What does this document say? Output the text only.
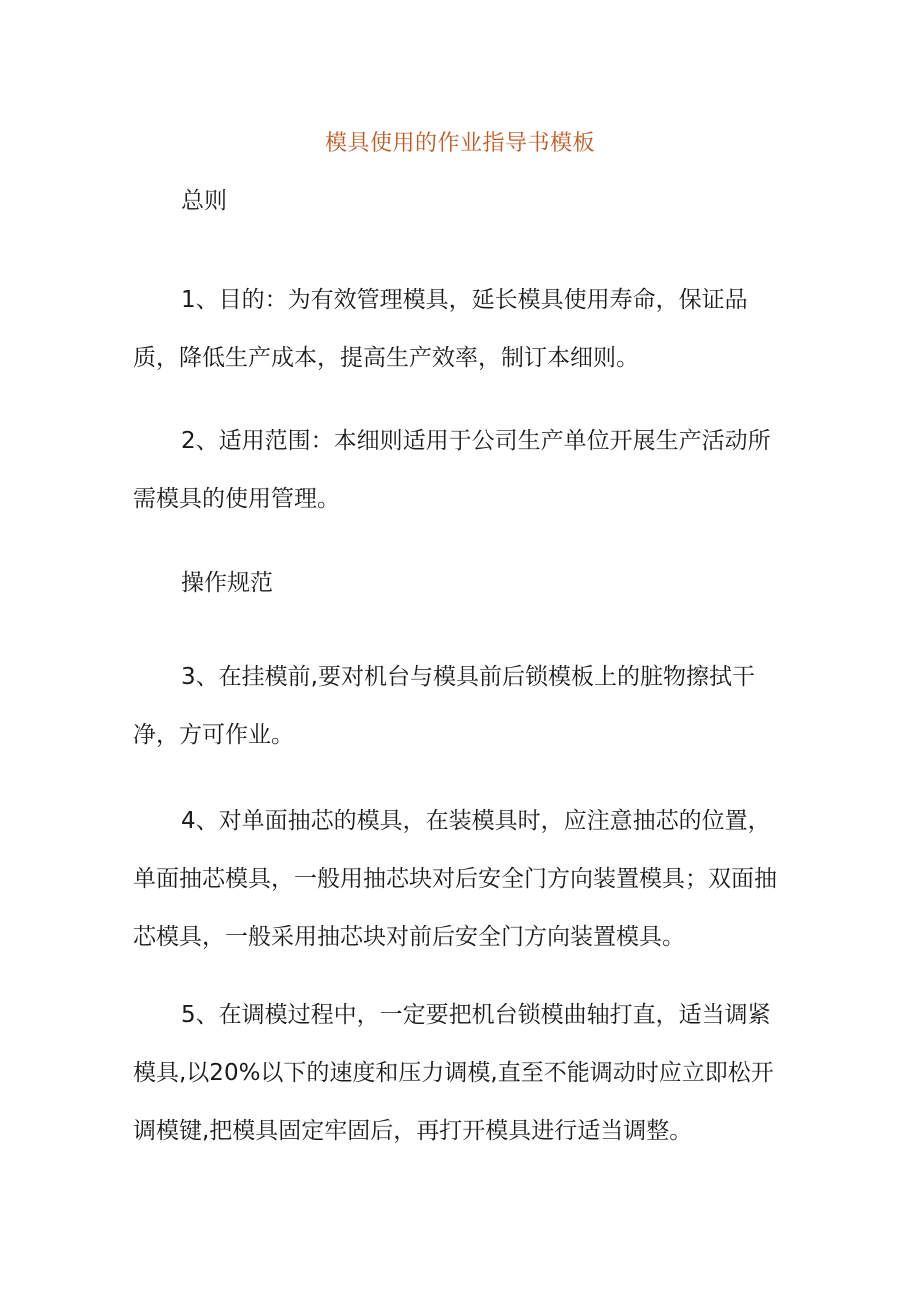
模具使用的作业指导书模板

总则

1、目的：为有效管理模具，延长模具使用寿命，保证品质，降低生产成本，提高生产效率，制订本细则。

2、适用范围：本细则适用于公司生产单位开展生产活动所需模具的使用管理。

操作规范

3、在挂模前,要对机台与模具前后锁模板上的脏物擦拭干净，方可作业。

4、对单面抽芯的模具，在装模具时，应注意抽芯的位置，单面抽芯模具，一般用抽芯块对后安全门方向装置模具；双面抽芯模具，一般采用抽芯块对前后安全门方向装置模具。

5、在调模过程中，一定要把机台锁模曲轴打直，适当调紧模具,以20%以下的速度和压力调模,直至不能调动时应立即松开调模键,把模具固定牢固后，再打开模具进行适当调整。
